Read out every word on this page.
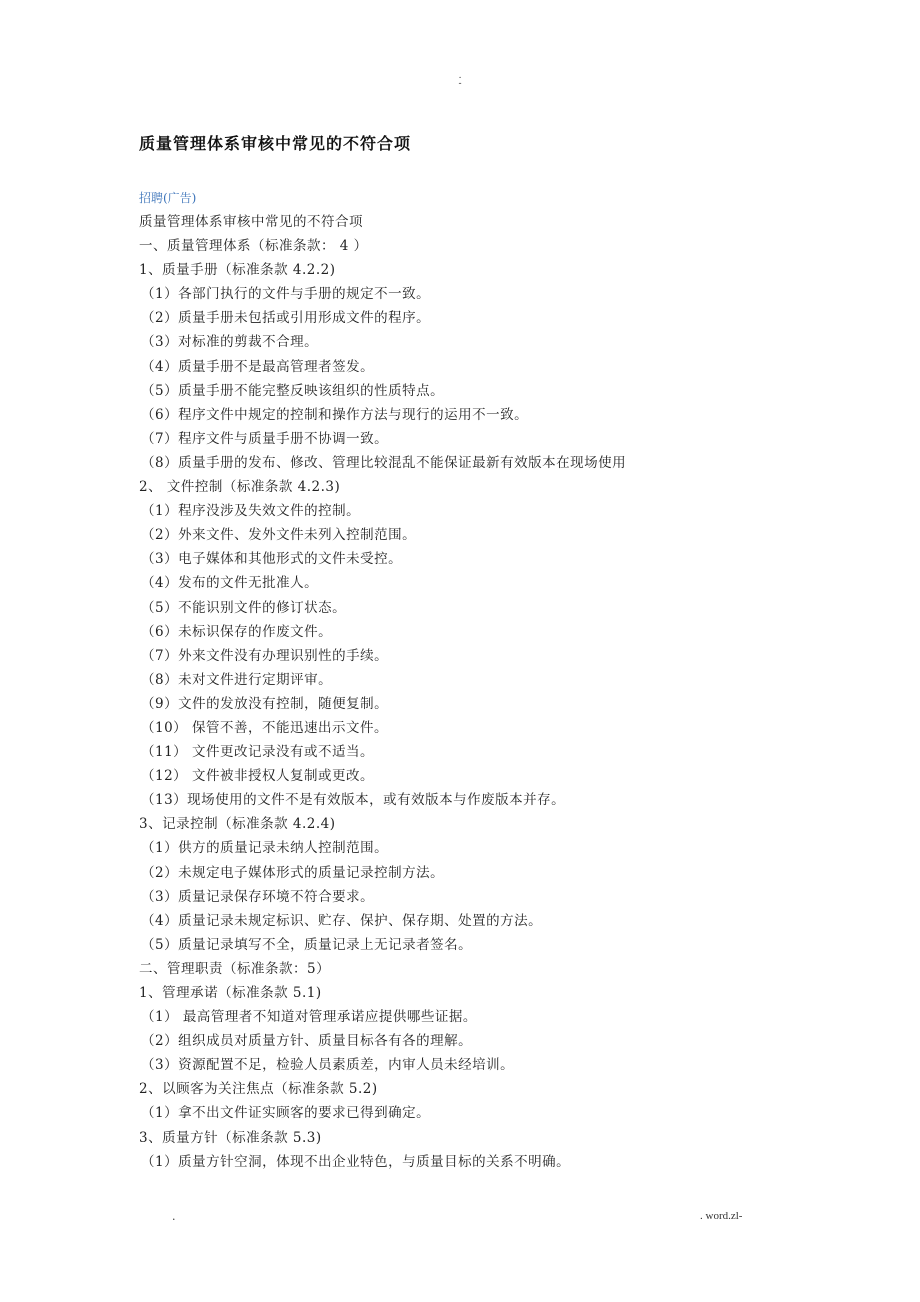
.
-
质量管理体系审核中常见的不符合项
招聘(广告)
质量管理体系审核中常见的不符合项
一、质量管理体系（标准条款： 4 ）
1、质量手册（标准条款 4.2.2)
（1）各部门执行的文件与手册的规定不一致。
（2）质量手册未包括或引用形成文件的程序。
（3）对标准的剪裁不合理。
（4）质量手册不是最高管理者签发。
（5）质量手册不能完整反映该组织的性质特点。
（6）程序文件中规定的控制和操作方法与现行的运用不一致。
（7）程序文件与质量手册不协调一致。
（8）质量手册的发布、修改、管理比较混乱不能保证最新有效版本在现场使用
2、 文件控制（标准条款 4.2.3)
（1）程序没涉及失效文件的控制。
（2）外来文件、发外文件未列入控制范围。
（3）电子媒体和其他形式的文件未受控。
（4）发布的文件无批准人。
（5）不能识别文件的修订状态。
（6）未标识保存的作废文件。
（7）外来文件没有办理识别性的手续。
（8）未对文件进行定期评审。
（9）文件的发放没有控制，随便复制。
（10） 保管不善，不能迅速出示文件。
（11） 文件更改记录没有或不适当。
（12） 文件被非授权人复制或更改。
（13）现场使用的文件不是有效版本，或有效版本与作废版本并存。
3、记录控制（标准条款 4.2.4)
（1）供方的质量记录未纳人控制范围。
（2）未规定电子媒体形式的质量记录控制方法。
（3）质量记录保存环境不符合要求。
（4）质量记录未规定标识、贮存、保护、保存期、处置的方法。
（5）质量记录填写不全，质量记录上无记录者签名。
二、管理职责（标准条款：5）
1、管理承诺（标准条款 5.1)
（1） 最高管理者不知道对管理承诺应提供哪些证据。
（2）组织成员对质量方针、质量目标各有各的理解。
（3）资源配置不足，检验人员素质差，内审人员未经培训。
2、以顾客为关注焦点（标准条款 5.2)
（1）拿不出文件证实顾客的要求已得到确定。
3、质量方针（标准条款 5.3)
（1）质量方针空洞，体现不出企业特色，与质量目标的关系不明确。
.	. word.zl-
